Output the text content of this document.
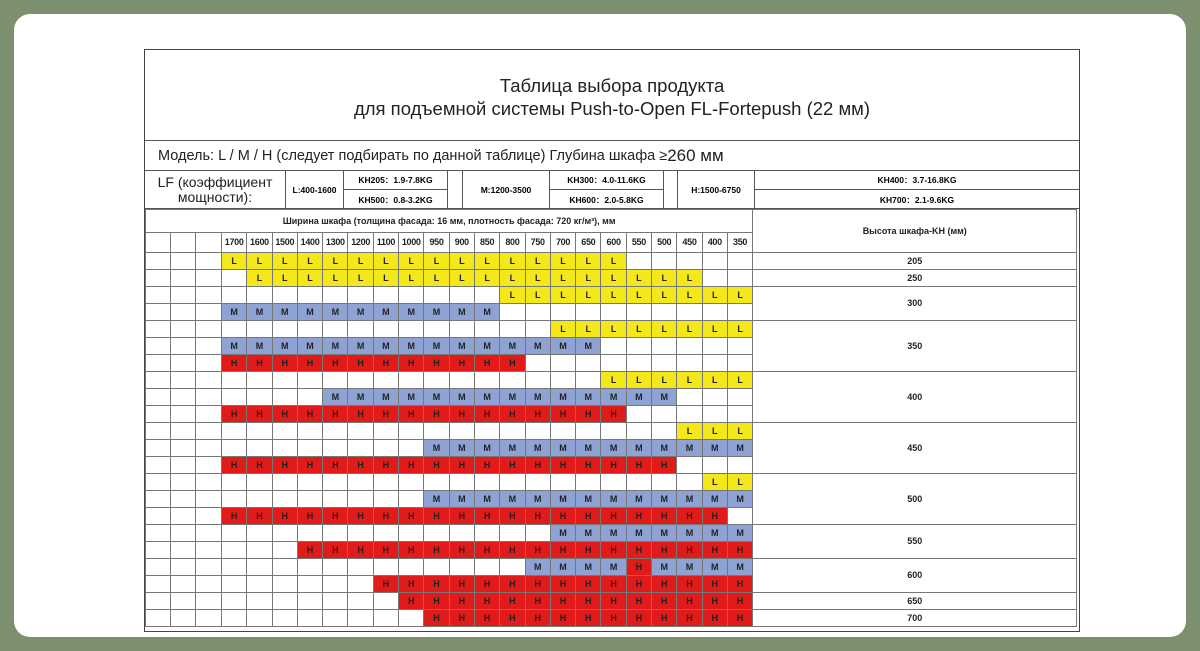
Таблица выбора продукта
для подъемной системы Push-to-Open FL-Fortepush (22 мм)
Модель: L / M / H (следует подбирать по данной таблице) Глубина шкафа ≥ 260 мм
LF (коэффициент мощности):	L:400-1600
KH205：1.9-7.8KG
KH500：0.8-3.2KG
M:1200-3500
KH300：4.0-11.6KG
KH600：2.0-5.8KG
H:1500-6750
KH400：3.7-16.8KG
KH700：2.1-9.6KG
Ширина шкафа (толщина фасада: 16 мм, плотность фасада: 720 кг/м³), мм																								Высота шкафа-KH (мм)
			1700	1600	1500	1400	1300	1200	1100	1000	950	900	850	800	750	700	650	600	550	500	450	400	350	
			L	L	L	L	L	L	L	L	L	L	L	L	L	L	L	L						205
				L	L	L	L	L	L	L	L	L	L	L	L	L	L	L	L	L	L			250
														L	L	L	L	L	L	L	L	L	L	300
			M	M	M	M	M	M	M	M	M	M	M											
																L	L	L	L	L	L	L	L	350
			M	M	M	M	M	M	M	M	M	M	M	M	M	M	M							
			H	H	H	H	H	H	H	H	H	H	H	H										
																		L	L	L	L	L	L	400
							M	M	M	M	M	M	M	M	M	M	M	M	M	M				
			H	H	H	H	H	H	H	H	H	H	H	H	H	H	H	H						
																					L	L	L	450
											M	M	M	M	M	M	M	M	M	M	M	M	M	
			H	H	H	H	H	H	H	H	H	H	H	H	H	H	H	H	H	H				
																						L	L	500
											M	M	M	M	M	M	M	M	M	M	M	M	M	
			H	H	H	H	H	H	H	H	H	H	H	H	H	H	H	H	H	H	H	H		
																M	M	M	M	M	M	M	M	550
						H	H	H	H	H	H	H	H	H	H	H	H	H	H	H	H	H	H	
															M	M	M	M	H	M	M	M	M	600
									H	H	H	H	H	H	H	H	H	H	H	H	H	H	H	
										H	H	H	H	H	H	H	H	H	H	H	H	H	H	650
											H	H	H	H	H	H	H	H	H	H	H	H	H	700
